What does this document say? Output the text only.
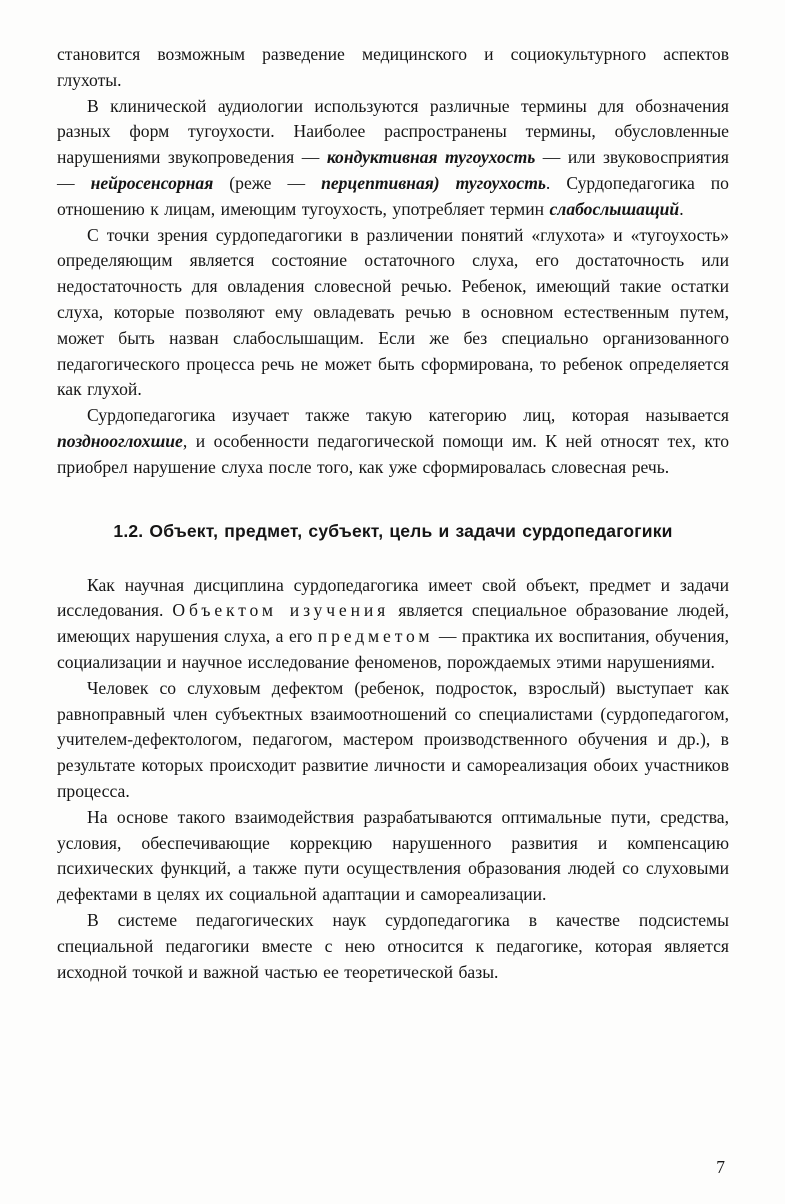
становится возможным разведение медицинского и социокультурного аспектов глухоты.

В клинической аудиологии используются различные термины для обозначения разных форм тугоухости. Наиболее распространены термины, обусловленные нарушениями звукопроведения — кондуктивная тугоухость — или звуковосприятия — нейросенсорная (реже — перцептивная) тугоухость. Сурдопедагогика по отношению к лицам, имеющим тугоухость, употребляет термин слабослышащий.

С точки зрения сурдопедагогики в различении понятий «глухота» и «тугоухость» определяющим является состояние остаточного слуха, его достаточность или недостаточность для овладения словесной речью. Ребенок, имеющий такие остатки слуха, которые позволяют ему овладевать речью в основном естественным путем, может быть назван слабослышащим. Если же без специально организованного педагогического процесса речь не может быть сформирована, то ребенок определяется как глухой.

Сурдопедагогика изучает также такую категорию лиц, которая называется позднооглохшие, и особенности педагогической помощи им. К ней относят тех, кто приобрел нарушение слуха после того, как уже сформировалась словесная речь.

1.2. Объект, предмет, субъект, цель и задачи сурдопедагогики

Как научная дисциплина сурдопедагогика имеет свой объект, предмет и задачи исследования. Объектом изучения является специальное образование людей, имеющих нарушения слуха, а его предметом — практика их воспитания, обучения, социализации и научное исследование феноменов, порождаемых этими нарушениями.

Человек со слуховым дефектом (ребенок, подросток, взрослый) выступает как равноправный член субъектных взаимоотношений со специалистами (сурдопедагогом, учителем-дефектологом, педагогом, мастером производственного обучения и др.), в результате которых происходит развитие личности и самореализация обоих участников процесса.

На основе такого взаимодействия разрабатываются оптимальные пути, средства, условия, обеспечивающие коррекцию нарушенного развития и компенсацию психических функций, а также пути осуществления образования людей со слуховыми дефектами в целях их социальной адаптации и самореализации.

В системе педагогических наук сурдопедагогика в качестве подсистемы специальной педагогики вместе с нею относится к педагогике, которая является исходной точкой и важной частью ее теоретической базы.

7
